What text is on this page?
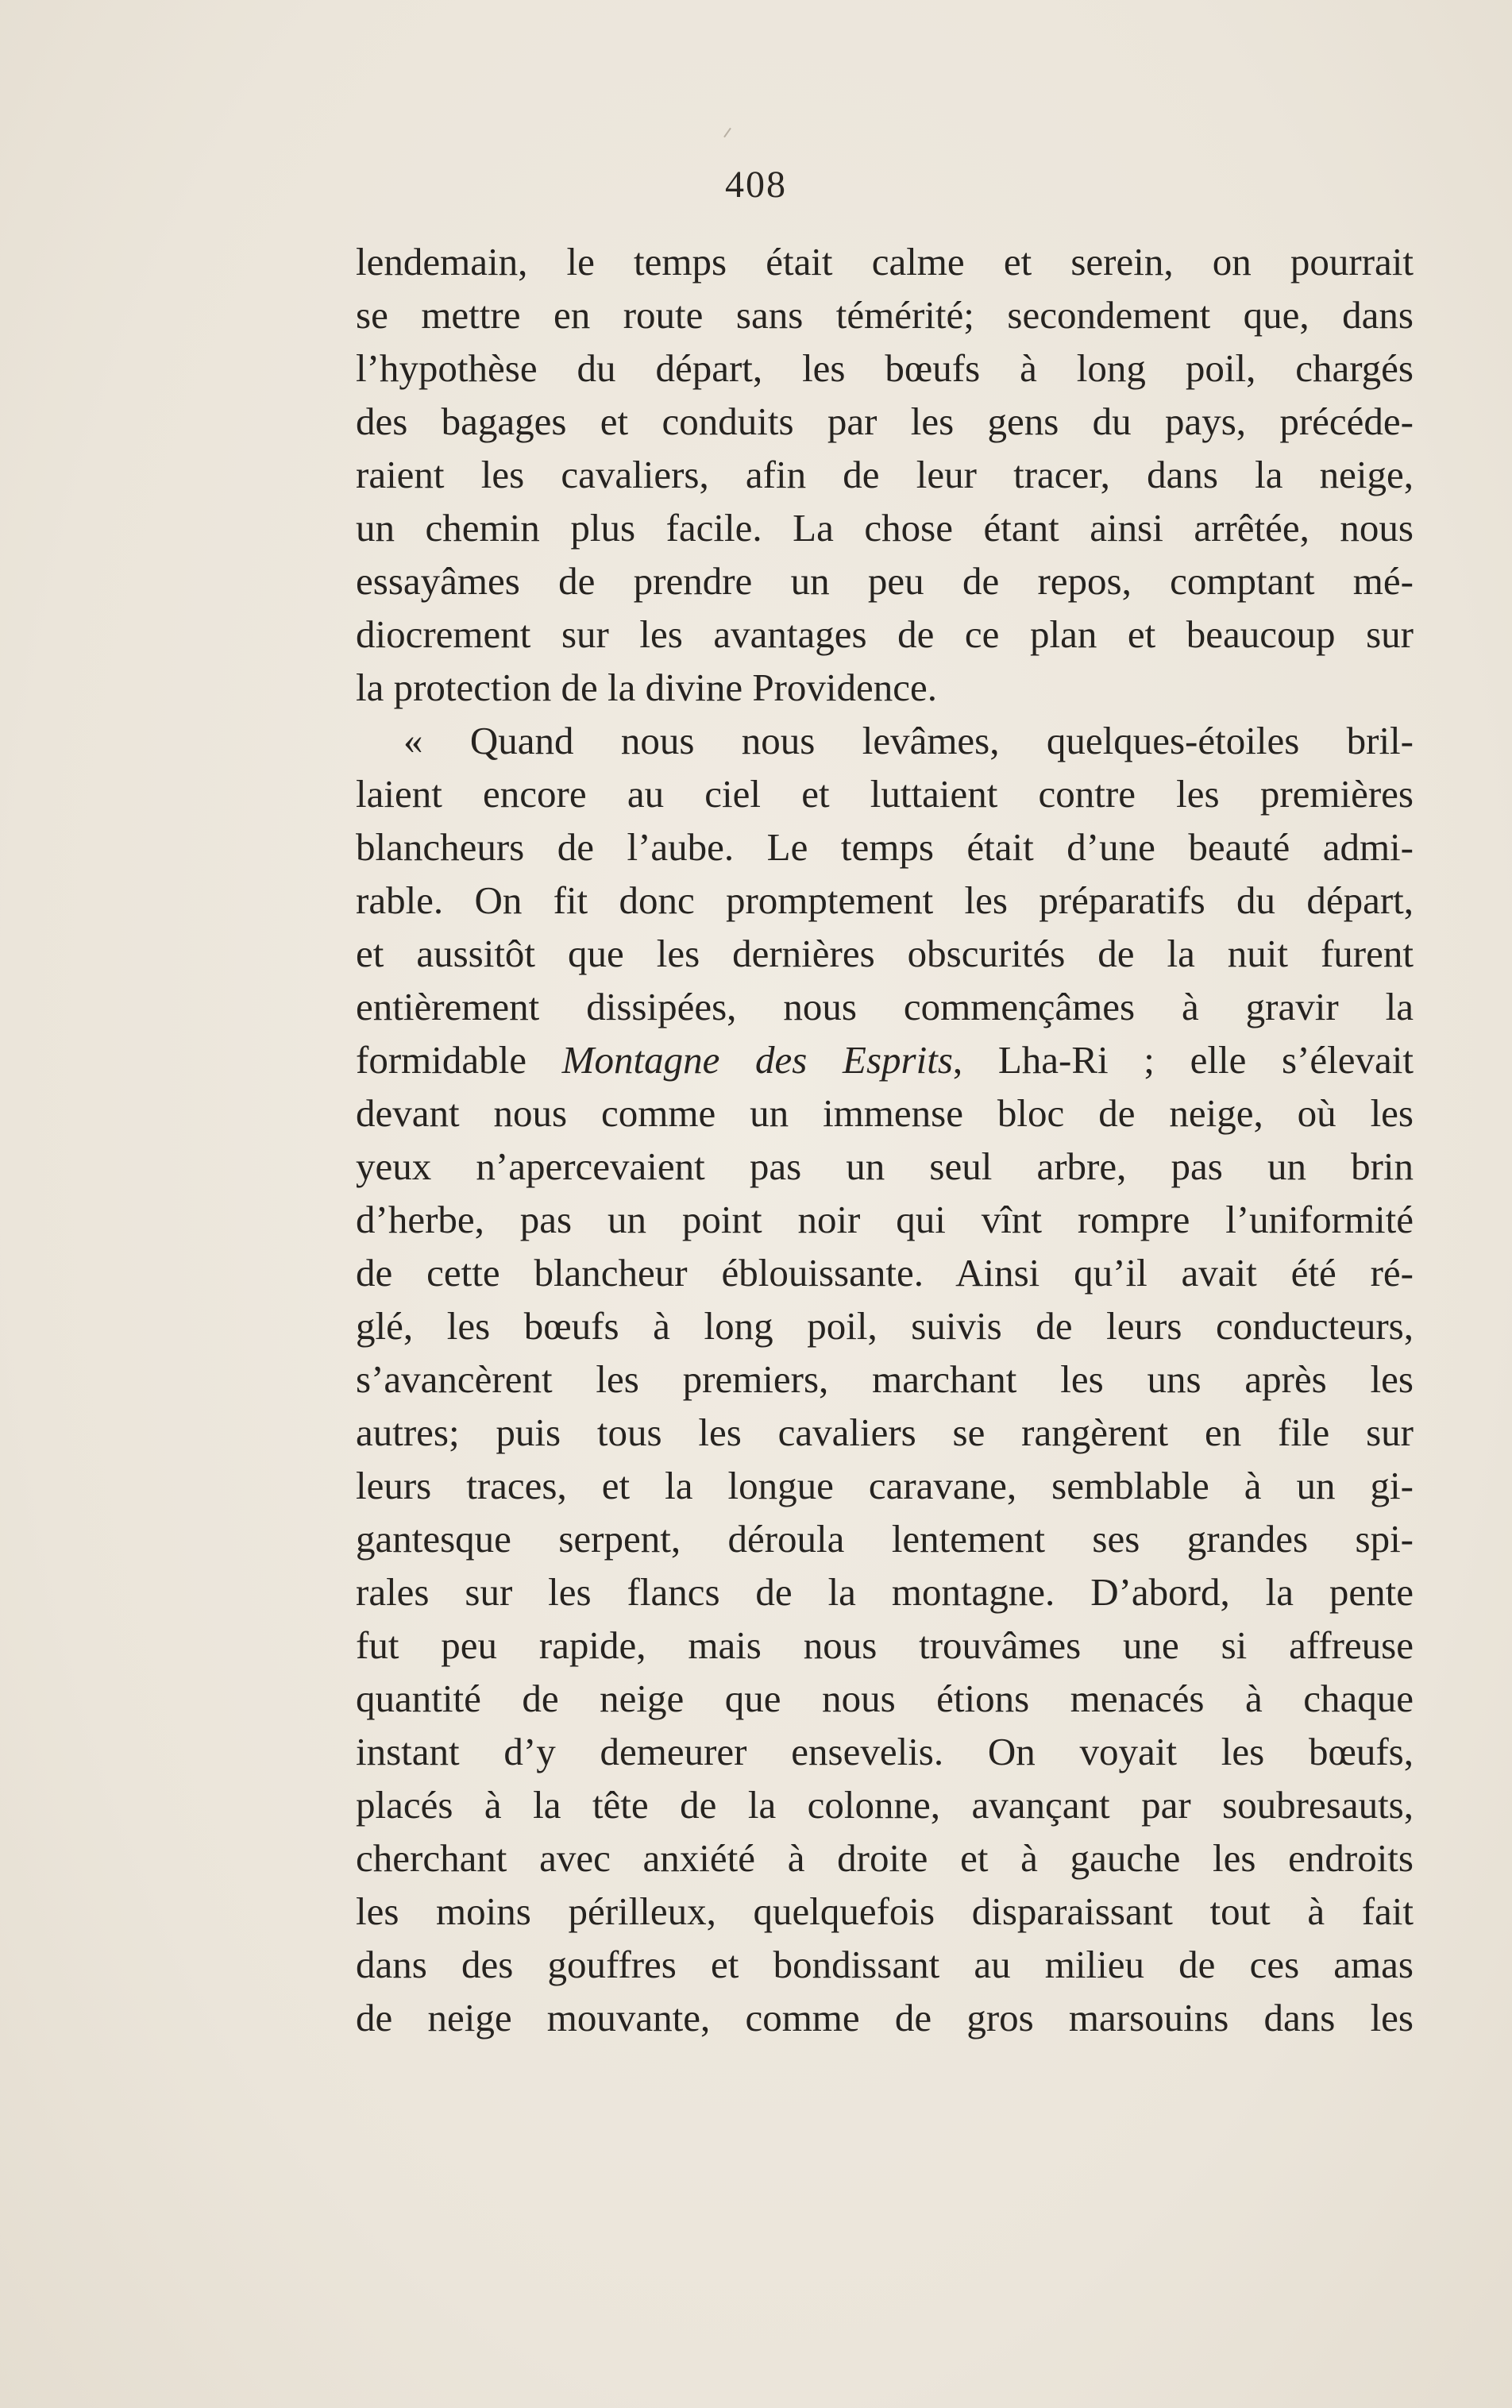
408
lendemain, le temps était calme et serein, on pourrait
se mettre en route sans témérité; secondement que, dans
l’hypothèse du départ, les bœufs à long poil, chargés
des bagages et conduits par les gens du pays, précéde-
raient les cavaliers, afin de leur tracer, dans la neige,
un chemin plus facile. La chose étant ainsi arrêtée, nous
essayâmes de prendre un peu de repos, comptant mé-
diocrement sur les avantages de ce plan et beaucoup sur
la protection de la divine Providence.
« Quand nous nous levâmes, quelques-étoiles bril-
laient encore au ciel et luttaient contre les premières
blancheurs de l’aube. Le temps était d’une beauté admi-
rable. On fit donc promptement les préparatifs du départ,
et aussitôt que les dernières obscurités de la nuit furent
entièrement dissipées, nous commençâmes à gravir la
formidable Montagne des Esprits, Lha-Ri ; elle s’élevait
devant nous comme un immense bloc de neige, où les
yeux n’apercevaient pas un seul arbre, pas un brin
d’herbe, pas un point noir qui vînt rompre l’uniformité
de cette blancheur éblouissante. Ainsi qu’il avait été ré-
glé, les bœufs à long poil, suivis de leurs conducteurs,
s’avancèrent les premiers, marchant les uns après les
autres; puis tous les cavaliers se rangèrent en file sur
leurs traces, et la longue caravane, semblable à un gi-
gantesque serpent, déroula lentement ses grandes spi-
rales sur les flancs de la montagne. D’abord, la pente
fut peu rapide, mais nous trouvâmes une si affreuse
quantité de neige que nous étions menacés à chaque
instant d’y demeurer ensevelis. On voyait les bœufs,
placés à la tête de la colonne, avançant par soubresauts,
cherchant avec anxiété à droite et à gauche les endroits
les moins périlleux, quelquefois disparaissant tout à fait
dans des gouffres et bondissant au milieu de ces amas
de neige mouvante, comme de gros marsouins dans les
